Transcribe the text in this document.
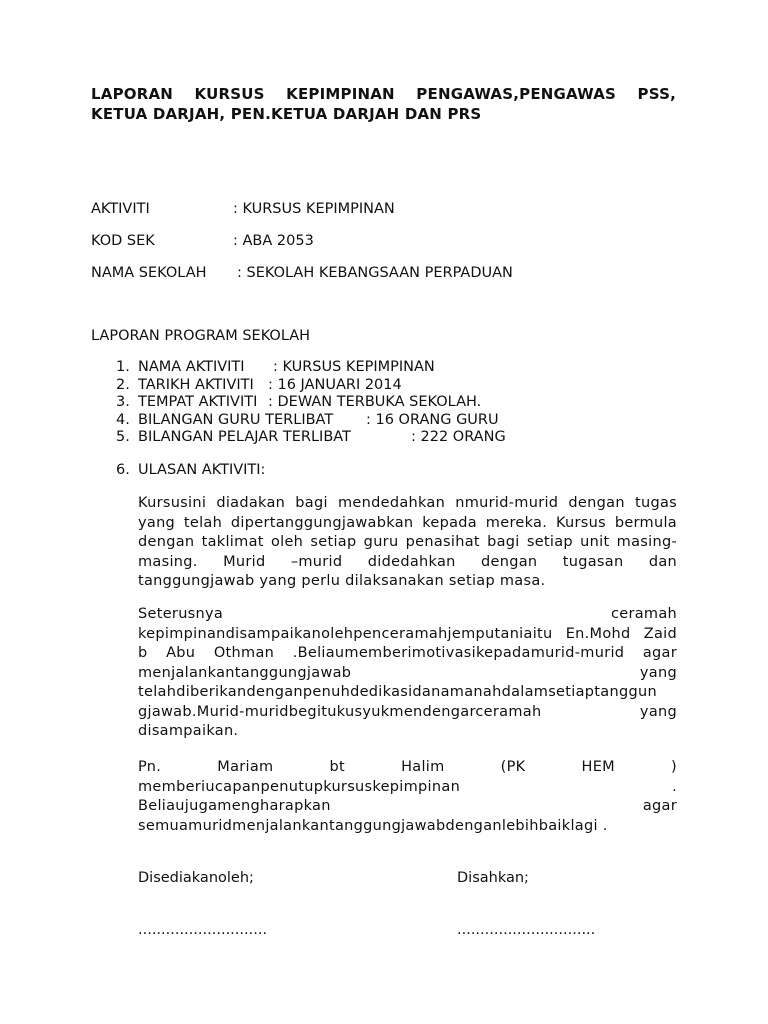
LAPORAN KURSUS KEPIMPINAN PENGAWAS,PENGAWAS PSS,
KETUA DARJAH, PEN.KETUA DARJAH DAN PRS
AKTIVITI	: KURSUS KEPIMPINAN
KOD SEK	: ABA 2053
NAMA SEKOLAH : SEKOLAH KEBANGSAAN PERPADUAN
LAPORAN PROGRAM SEKOLAH
1. NAMA AKTIVITI : KURSUS KEPIMPINAN
2. TARIKH AKTIVITI : 16 JANUARI 2014
3. TEMPAT AKTIVITI : DEWAN TERBUKA SEKOLAH.
4. BILANGAN GURU TERLIBAT : 16 ORANG GURU
5. BILANGAN PELAJAR TERLIBAT	: 222 ORANG
6. ULASAN AKTIVITI:
Kursusini diadakan bagi mendedahkan nmurid-murid dengan tugas
yang telah dipertanggungjawabkan kepada mereka. Kursus bermula
dengan taklimat oleh setiap guru penasihat bagi setiap unit masing-
masing. Murid –murid didedahkan dengan tugasan dan
tanggungjawab yang perlu dilaksanakan setiap masa.
Seterusnya ceramah
kepimpinandisampaikanolehpenceramahjemputaniaitu En.Mohd Zaid
b Abu Othman .Beliaumemberimotivasikepadamurid-murid agar
menjalankantanggungjawab yang
telahdiberikandenganpenuhdedikasidanamanahdalamsetiaptanggun
gjawab.Murid-muridbegitukusyukmendengarceramah yang
disampaikan.
Pn. Mariam bt Halim (PK HEM )
memberiucapanpenutupkursuskepimpinan .
Beliaujugamengharapkan agar
semuamuridmenjalankantanggungjawabdenganlebihbaiklagi .
Disediakanoleh;	Disahkan;
............................	..............................
